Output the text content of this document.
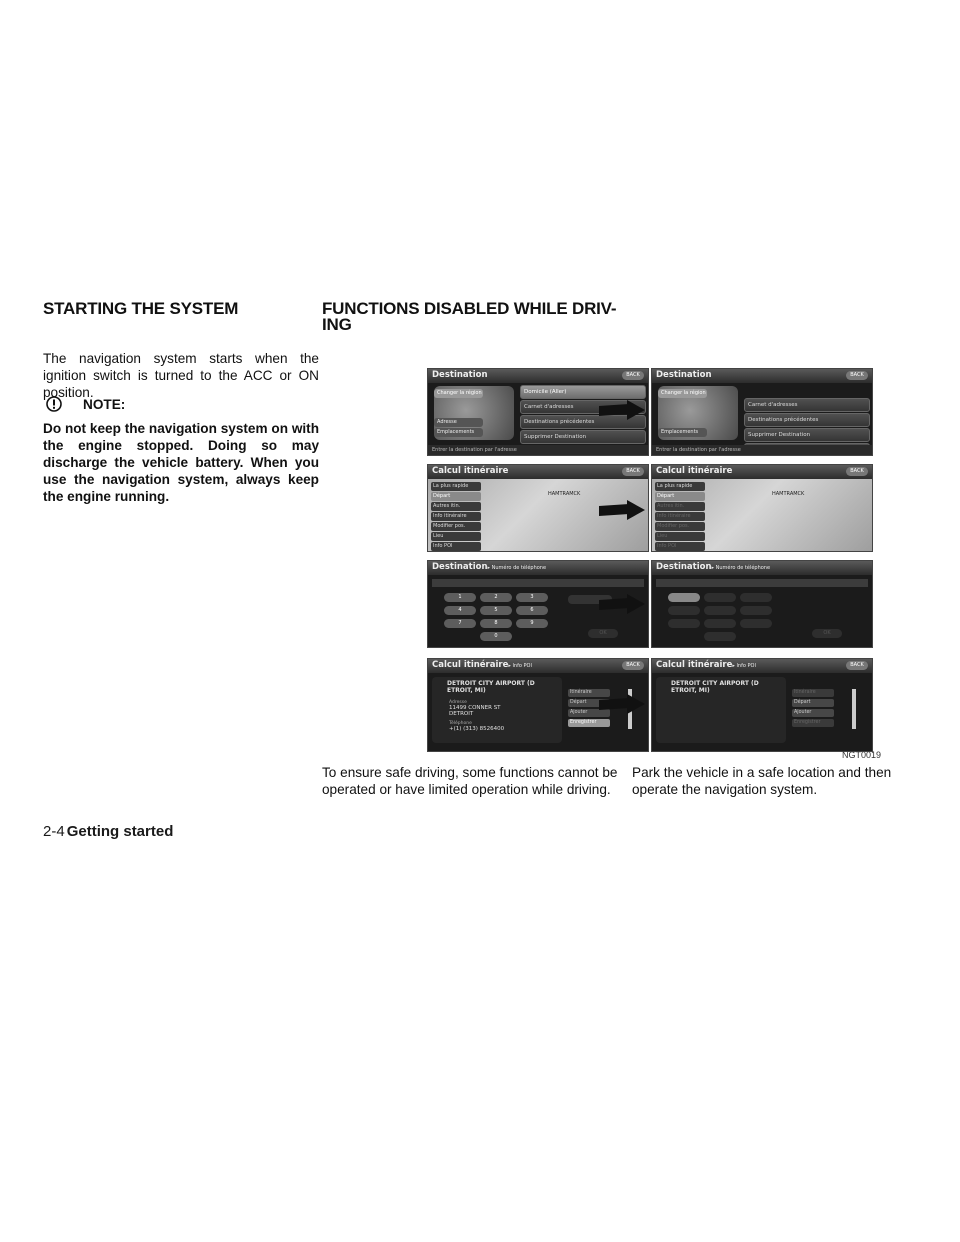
STARTING THE SYSTEM
The navigation system starts when the ignition switch is turned to the ACC or ON position.
NOTE:
Do not keep the navigation system on with the engine stopped. Doing so may discharge the vehicle battery. When you use the navigation system, always keep the engine running.
FUNCTIONS DISABLED WHILE DRIV-
ING
Destination	BACK
Changer la région
Adresse
Emplacements
Domicile (Aller)
Carnet d'adresses
Destinations précédentes
Supprimer Destination
Entrer la destination par l'adresse
Destination	BACK
Changer la région
Emplacements
Carnet d'adresses
Destinations précédentes
Supprimer Destination
Entrer la destination par l'adresse
Calcul itinéraire	BACK
HAMTRAMCK
La plus rapide
Départ
Autres itin.
Info itinéraire
Modifier pos.
Lieu
Info POI
Calcul itinéraire	BACK
HAMTRAMCK
La plus rapide
Départ
Autres itin.
Info itinéraire
Modifier pos.
Lieu
Info POI
Destination▸ Numéro de téléphone
1	2	3
4	5	6
7	8	9
0	OK
Destination▸ Numéro de téléphone
OK
Calcul itinéraire▸ Info POI	BACK
DETROIT CITY AIRPORT (D ETROIT, MI)
Adresse
11499 CONNER ST DETROIT
Téléphone
+(1) (313) 8526400
Itinéraire
Départ
Ajouter
Enregistrer
Calcul itinéraire▸ Info POI	BACK
DETROIT CITY AIRPORT (D ETROIT, MI)	Itinéraire
Départ
Ajouter
Enregistrer
NGT0019
To ensure safe driving, some functions cannot be operated or have limited operation while driving.
Park the vehicle in a safe location and then operate the navigation system.
2-4 Getting started
